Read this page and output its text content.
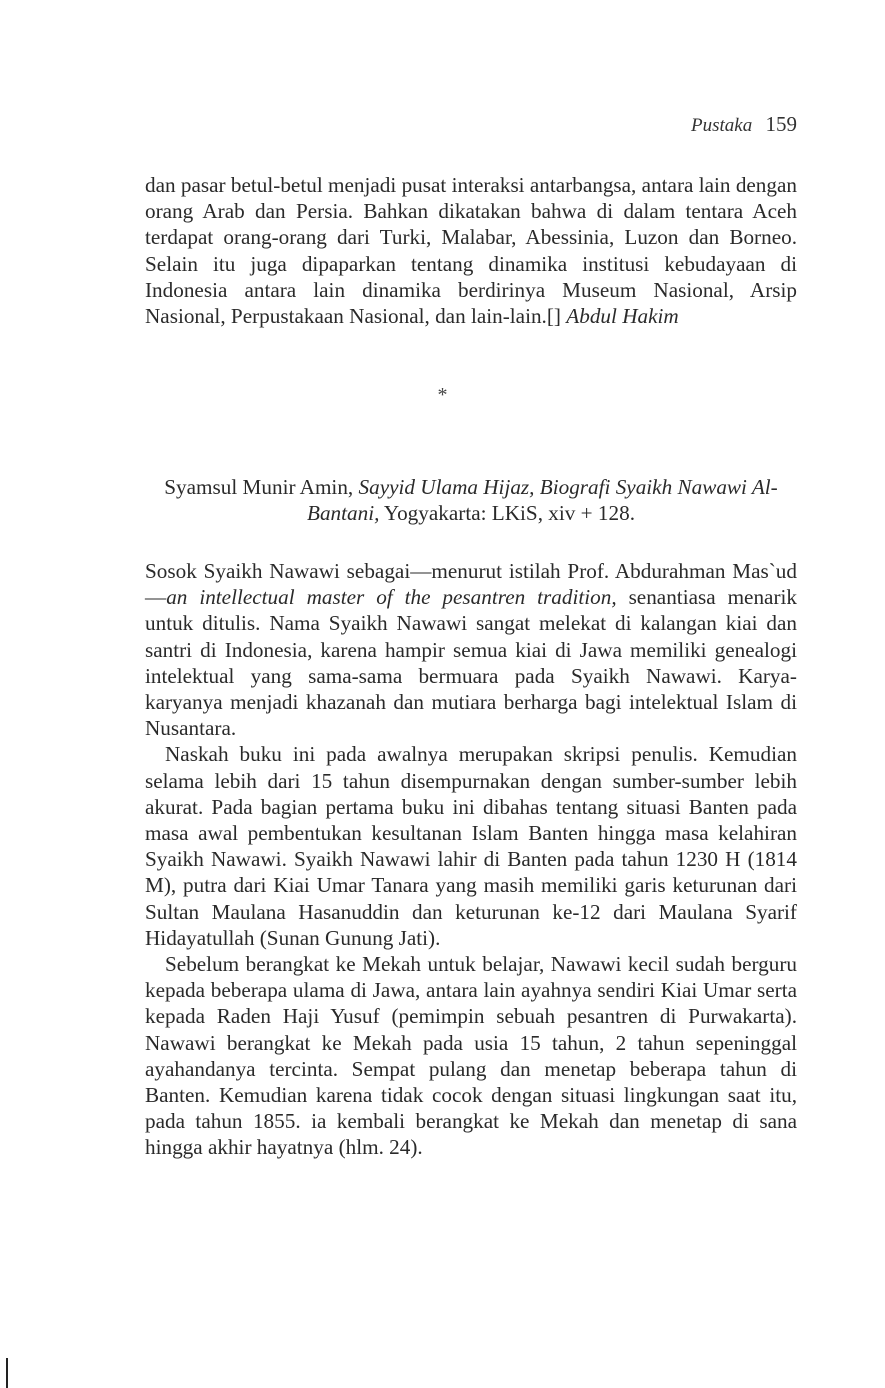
Pustaka 159

dan pasar betul-betul menjadi pusat interaksi antarbangsa, antara lain dengan orang Arab dan Persia. Bahkan dikatakan bahwa di dalam tentara Aceh terdapat orang-orang dari Turki, Malabar, Abessinia, Luzon dan Borneo. Selain itu juga dipaparkan tentang dinamika institusi kebudayaan di Indonesia antara lain dinamika berdirinya Museum Nasional, Arsip Nasional, Perpustakaan Nasional, dan lain-lain.[] Abdul Hakim

*
Syamsul Munir Amin, Sayyid Ulama Hijaz, Biografi Syaikh Nawawi Al-Bantani, Yogyakarta: LKiS, xiv + 128.

Sosok Syaikh Nawawi sebagai—menurut istilah Prof. Abdurahman Mas`ud—an intellectual master of the pesantren tradition, senantiasa menarik untuk ditulis. Nama Syaikh Nawawi sangat melekat di kalangan kiai dan santri di Indonesia, karena hampir semua kiai di Jawa memiliki genealogi intelektual yang sama-sama bermuara pada Syaikh Nawawi. Karya-karyanya menjadi khazanah dan mutiara berharga bagi intelektual Islam di Nusantara.

Naskah buku ini pada awalnya merupakan skripsi penulis. Kemudian selama lebih dari 15 tahun disempurnakan dengan sumber-sumber lebih akurat. Pada bagian pertama buku ini dibahas tentang situasi Banten pada masa awal pembentukan kesultanan Islam Banten hingga masa kelahiran Syaikh Nawawi. Syaikh Nawawi lahir di Banten pada tahun 1230 H (1814 M), putra dari Kiai Umar Tanara yang masih memiliki garis keturunan dari Sultan Maulana Hasanuddin dan keturunan ke-12 dari Maulana Syarif Hidayatullah (Sunan Gunung Jati).

Sebelum berangkat ke Mekah untuk belajar, Nawawi kecil sudah berguru kepada beberapa ulama di Jawa, antara lain ayahnya sendiri Kiai Umar serta kepada Raden Haji Yusuf (pemimpin sebuah pesantren di Purwakarta). Nawawi berangkat ke Mekah pada usia 15 tahun, 2 tahun sepeninggal ayahandanya tercinta. Sempat pulang dan menetap beberapa tahun di Banten. Kemudian karena tidak cocok dengan situasi lingkungan saat itu, pada tahun 1855. ia kembali berangkat ke Mekah dan menetap di sana hingga akhir hayatnya (hlm. 24).
